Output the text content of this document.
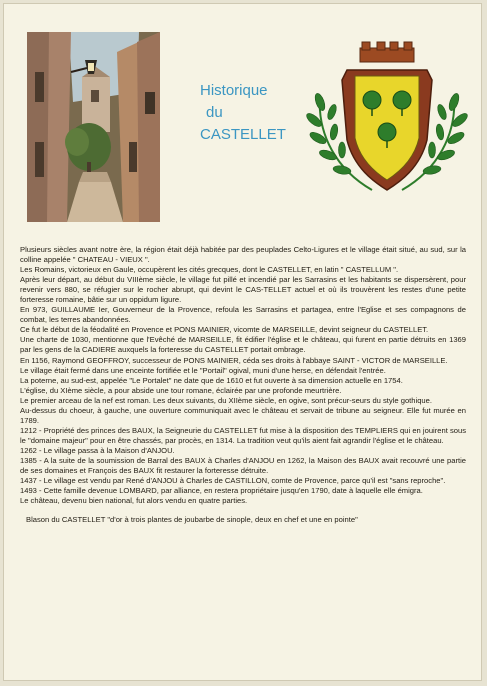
Historique
du
CASTELLET

Plusieurs siècles avant notre ère, la région était déjà habitée par des peuplades Celto-Ligures et le village était situé, au sud, sur la colline appelée " CHATEAU - VIEUX ".

Les Romains, victorieux en Gaule, occupèrent les cités grecques, dont le CASTELLET, en latin " CASTELLUM ".

Après leur départ, au début du VIIIème siècle, le village fut pillé et incendié par les Sarrasins et les habitants se dispersèrent, pour revenir vers 880, se réfugier sur le rocher abrupt, qui devint le CAS-TELLET actuel et où ils trouvèrent les restes d'une petite forteresse romaine, bâtie sur un oppidum ligure.

En 973, GUILLAUME Ier, Gouverneur de la Provence, refoula les Sarrasins et partagea, entre l'Eglise et ses compagnons de combat, les terres abandonnées.

Ce fut le début de la féodalité en Provence et PONS MAINIER, vicomte de MARSEILLE, devint seigneur du CASTELLET.

Une charte de 1030, mentionne que l'Evêché de MARSEILLE, fit édifier l'église et le château, qui furent en partie détruits en 1369 par les gens de la CADIERE auxquels la forteresse du CASTELLET portait ombrage.

En 1156, Raymond GEOFFROY, successeur de PONS MAINIER, céda ses droits à l'abbaye SAINT - VICTOR de MARSEILLE.

Le village était fermé dans une enceinte fortifiée et le "Portail" ogival, muni d'une herse, en défendait l'entrée.

La poterne, au sud-est, appelée "Le Portalet" ne date que de 1610 et fut ouverte à sa dimension actuelle en 1754.

L'église, du XIème siècle, a pour abside une tour romane, éclairée par une profonde meurtrière.

Le premier arceau de la nef est roman. Les deux suivants, du XIIème siècle, en ogive, sont précur-seurs du style gothique.

Au-dessus du choeur, à gauche, une ouverture communiquait avec le château et servait de tribune au seigneur. Elle fut murée en 1789.

1212 - Propriété des princes des BAUX, la Seigneurie du CASTELLET fut mise à la disposition des TEMPLIERS qui en jouirent sous le "domaine majeur" pour en être chassés, par procès, en 1314. La tradition veut qu'ils aient fait agrandir l'église et le château.

1262 - Le village passa à la Maison d'ANJOU.

1385 - A la suite de la soumission de Barral des BAUX à Charles d'ANJOU en 1262, la Maison des BAUX avait recouvré une partie de ses domaines et François des BAUX fit restaurer la forteresse détruite.

1437 - Le village est vendu par René d'ANJOU à Charles de CASTILLON, comte de Provence, parce qu'il est "sans reproche".

1493 - Cette famille devenue LOMBARD, par alliance, en restera propriétaire jusqu'en 1790, date à laquelle elle émigra.

Le château, devenu bien national, fut alors vendu en quatre parties.

Blason du CASTELLET "d'or à trois plantes de joubarbe de sinople, deux en chef et une en pointe"
